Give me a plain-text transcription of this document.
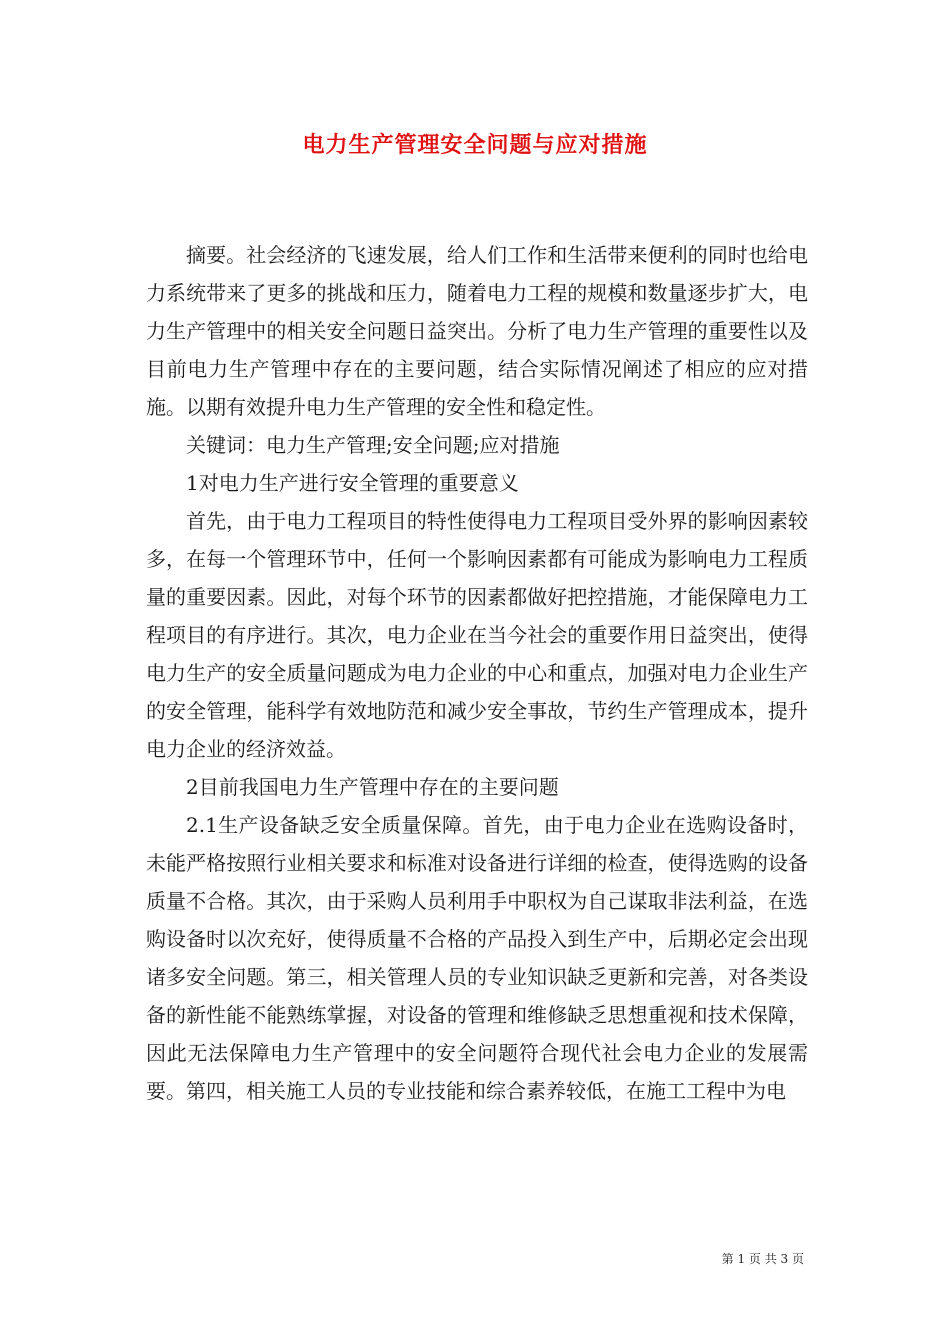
电力生产管理安全问题与应对措施

摘要。社会经济的飞速发展，给人们工作和生活带来便利的同时也给电力系统带来了更多的挑战和压力，随着电力工程的规模和数量逐步扩大，电力生产管理中的相关安全问题日益突出。分析了电力生产管理的重要性以及目前电力生产管理中存在的主要问题，结合实际情况阐述了相应的应对措施。以期有效提升电力生产管理的安全性和稳定性。

关键词：电力生产管理;安全问题;应对措施

1对电力生产进行安全管理的重要意义

首先，由于电力工程项目的特性使得电力工程项目受外界的影响因素较多，在每一个管理环节中，任何一个影响因素都有可能成为影响电力工程质量的重要因素。因此，对每个环节的因素都做好把控措施，才能保障电力工程项目的有序进行。其次，电力企业在当今社会的重要作用日益突出，使得电力生产的安全质量问题成为电力企业的中心和重点，加强对电力企业生产的安全管理，能科学有效地防范和减少安全事故，节约生产管理成本，提升电力企业的经济效益。

2目前我国电力生产管理中存在的主要问题

2.1生产设备缺乏安全质量保障。首先，由于电力企业在选购设备时，未能严格按照行业相关要求和标准对设备进行详细的检查，使得选购的设备质量不合格。其次，由于采购人员利用手中职权为自己谋取非法利益，在选购设备时以次充好，使得质量不合格的产品投入到生产中，后期必定会出现诸多安全问题。第三，相关管理人员的专业知识缺乏更新和完善，对各类设备的新性能不能熟练掌握，对设备的管理和维修缺乏思想重视和技术保障，因此无法保障电力生产管理中的安全问题符合现代社会电力企业的发展需要。第四，相关施工人员的专业技能和综合素养较低，在施工工程中为电

第 1 页 共 3 页
